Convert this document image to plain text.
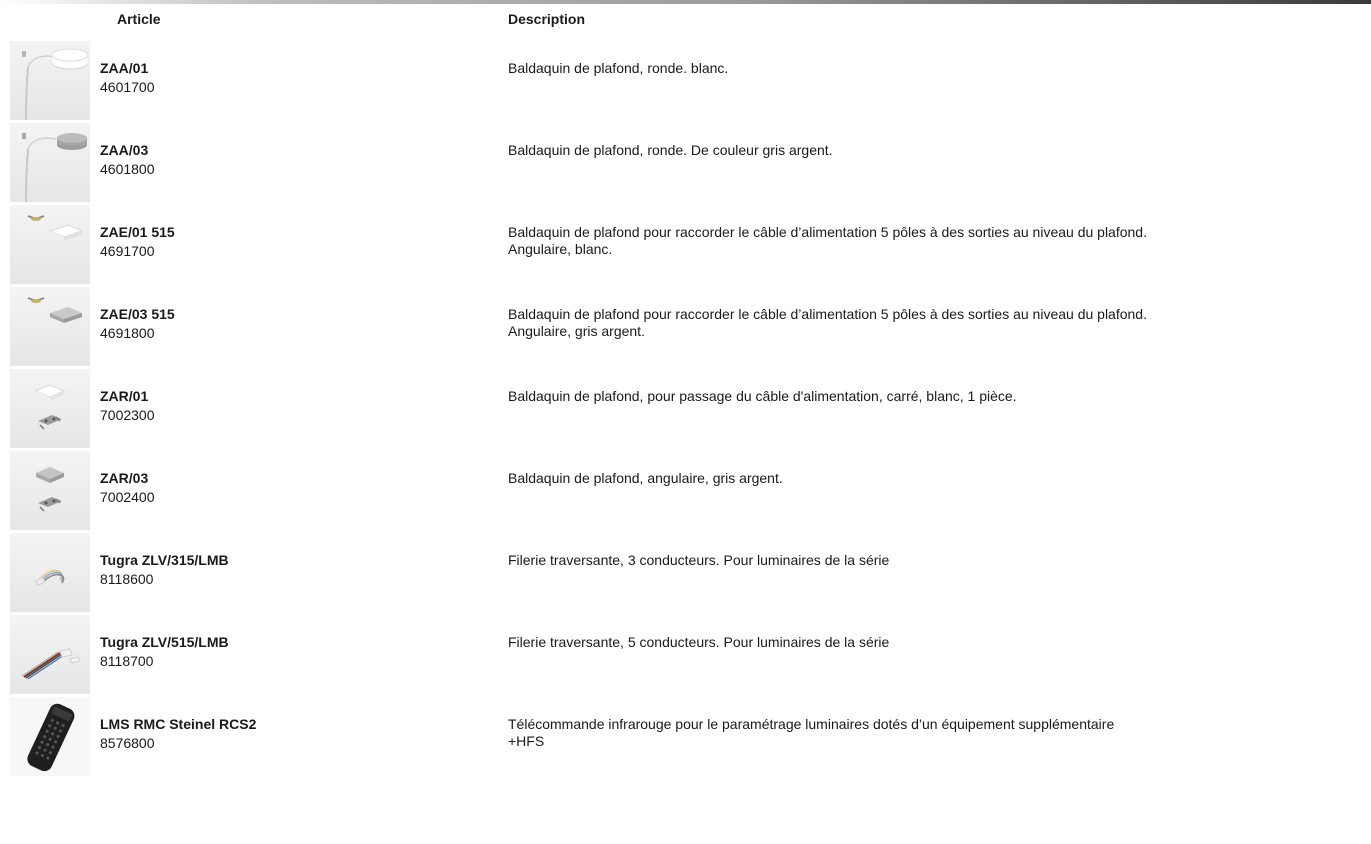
Article	Description
ZAA/01
4601700
Baldaquin de plafond, ronde. blanc.
ZAA/03
4601800
Baldaquin de plafond, ronde. De couleur gris argent.
ZAE/01 515
4691700
Baldaquin de plafond pour raccorder le câble d’alimentation 5 pôles à des sorties au niveau du plafond.
Angulaire, blanc.
ZAE/03 515
4691800
Baldaquin de plafond pour raccorder le câble d’alimentation 5 pôles à des sorties au niveau du plafond.
Angulaire, gris argent.
ZAR/01
7002300
Baldaquin de plafond, pour passage du câble d'alimentation, carré, blanc, 1 pièce.
ZAR/03
7002400
Baldaquin de plafond, angulaire, gris argent.
Tugra ZLV/315/LMB
8118600
Filerie traversante, 3 conducteurs. Pour luminaires de la série
Tugra ZLV/515/LMB
8118700
Filerie traversante, 5 conducteurs. Pour luminaires de la série
LMS RMC Steinel RCS2
8576800
Télécommande infrarouge pour le paramétrage luminaires dotés d’un équipement supplémentaire
+HFS
